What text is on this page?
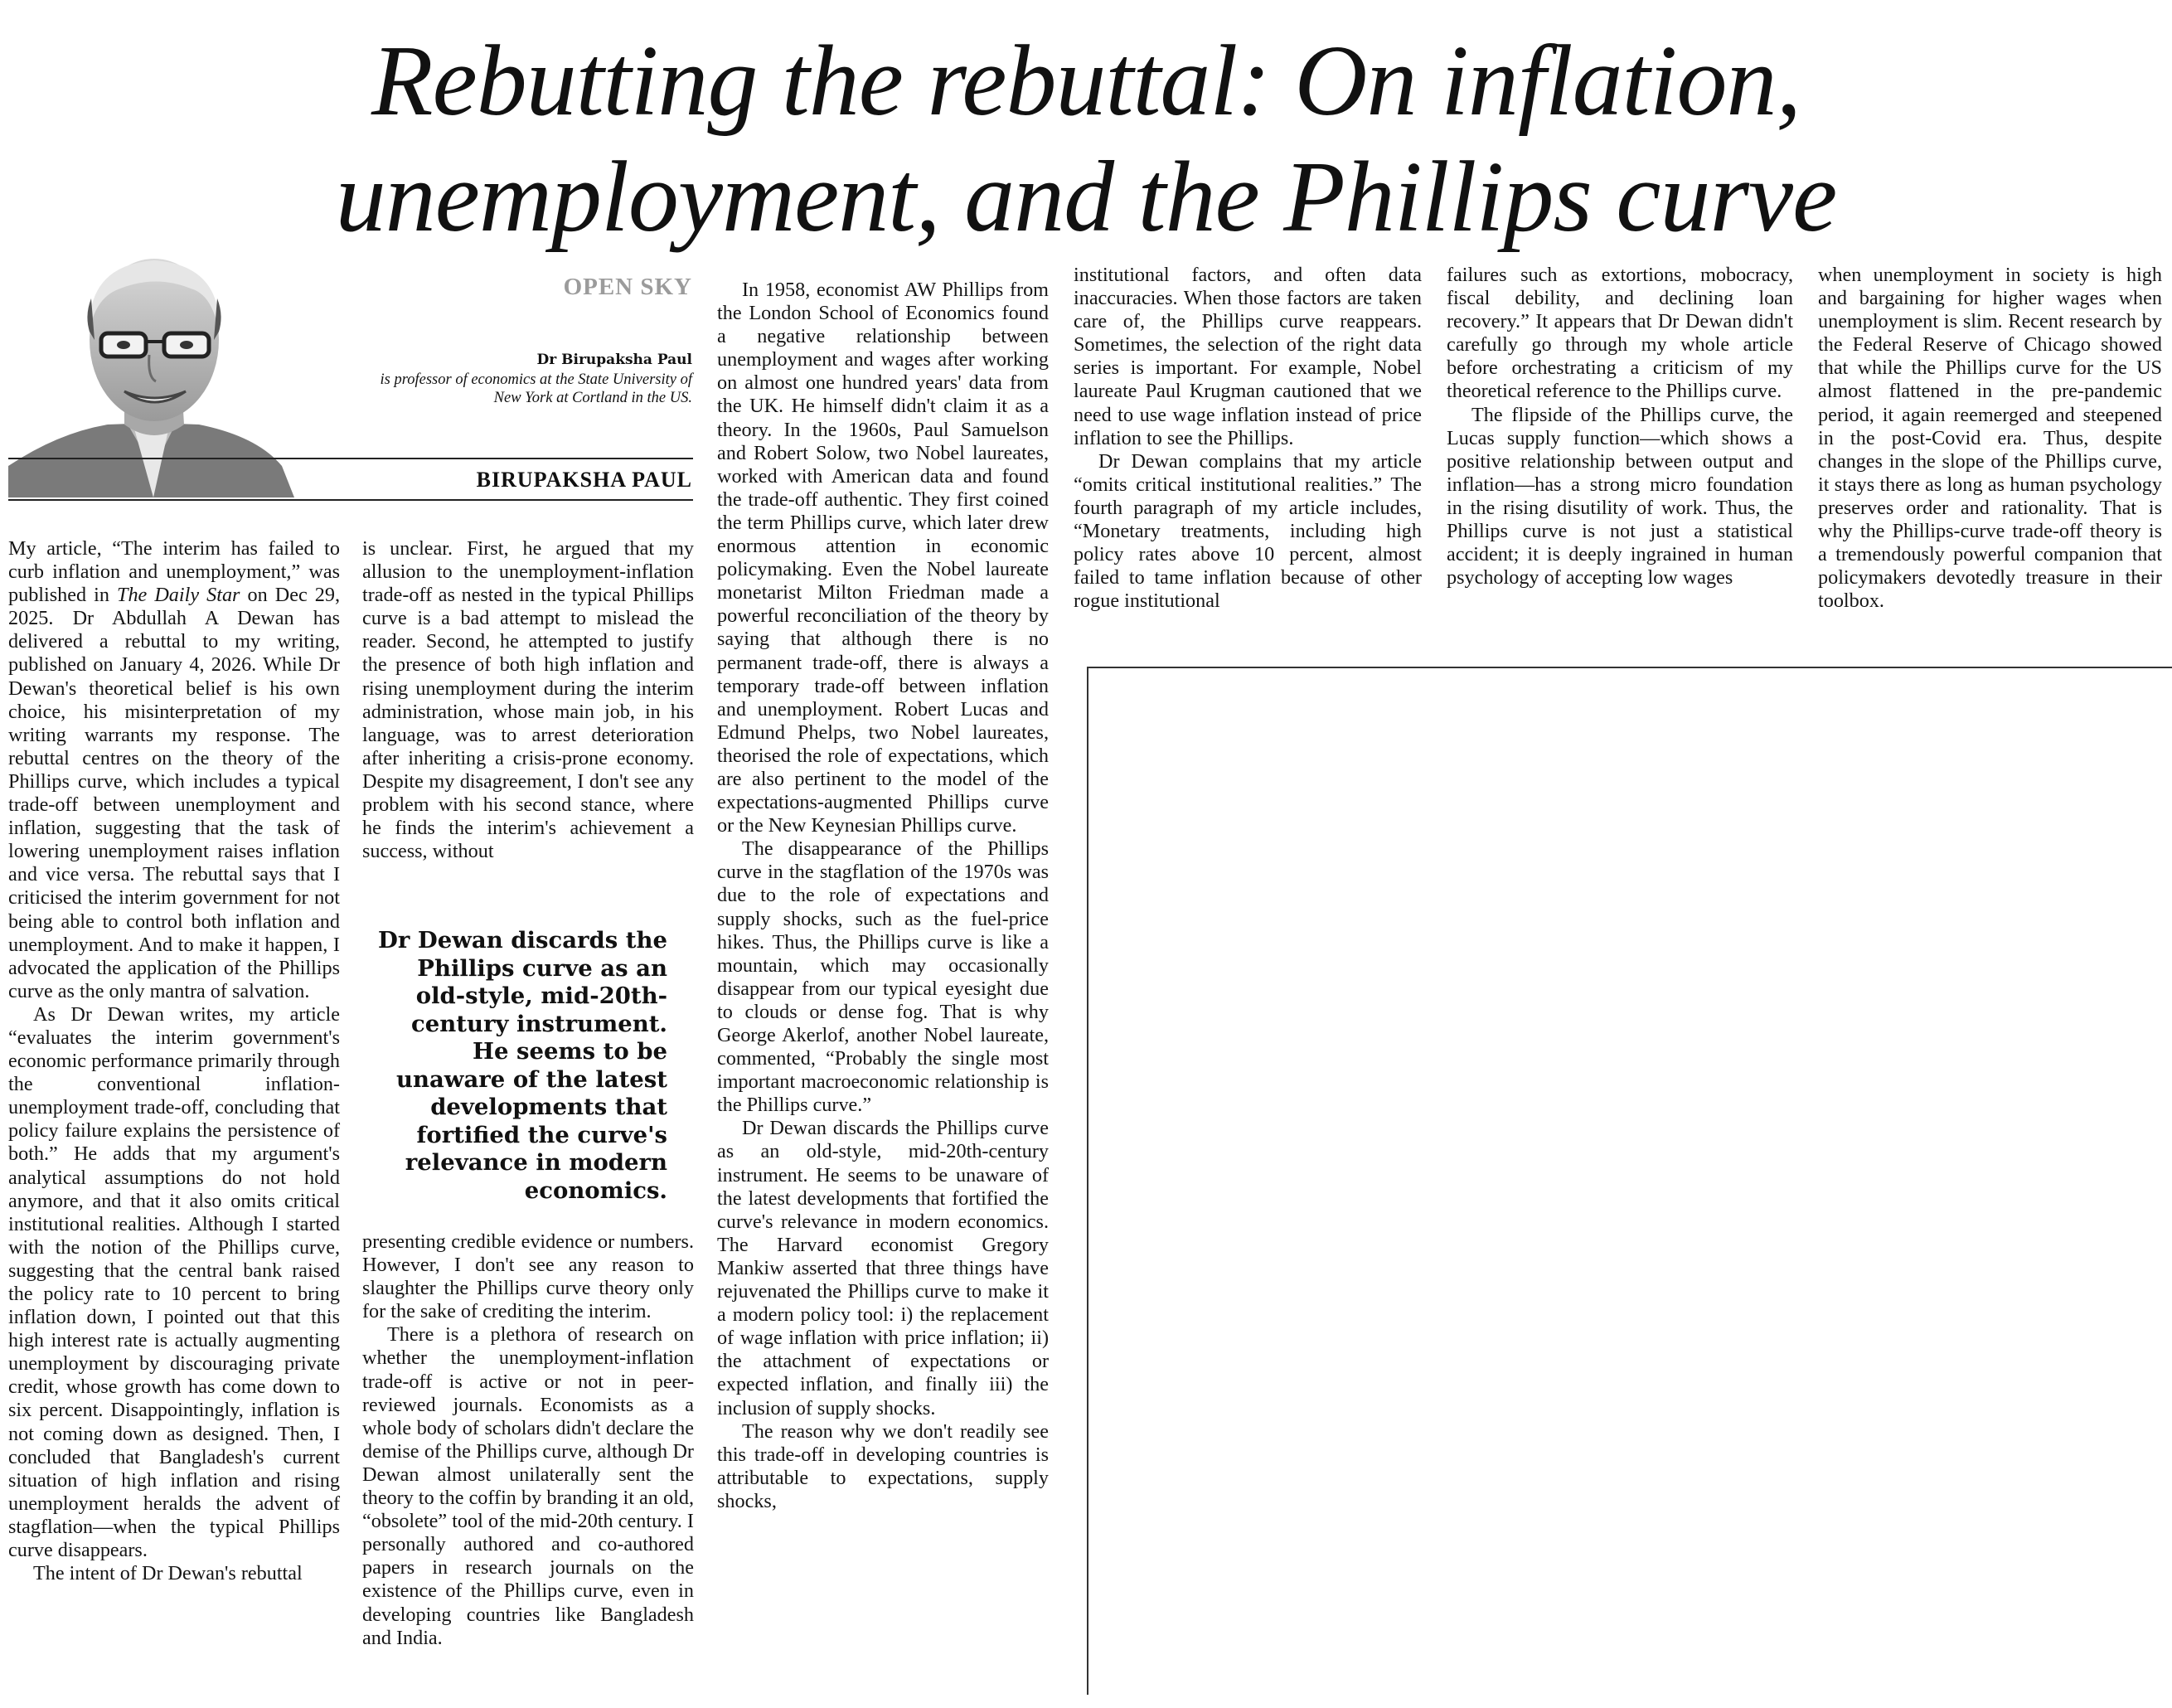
Rebutting the rebuttal: On inflation,
unemployment, and the Phillips curve
OPEN SKY
Dr Birupaksha Paul
is professor of economics at the State University of
New York at Cortland in the US.
BIRUPAKSHA PAUL

My article, “The interim has failed to curb inflation and unemployment,” was published in The Daily Star on Dec 29, 2025. Dr Abdullah A Dewan has delivered a rebuttal to my writing, published on January 4, 2026. While Dr Dewan's theoretical belief is his own choice, his misinterpretation of my writing warrants my response. The rebuttal centres on the theory of the Phillips curve, which includes a typical trade-off between unemployment and inflation, suggesting that the task of lowering unemployment raises inflation and vice versa. The rebuttal says that I criticised the interim government for not being able to control both inflation and unemployment. And to make it happen, I advocated the application of the Phillips curve as the only mantra of salvation.

As Dr Dewan writes, my article “evaluates the interim government's economic performance primarily through the conventional inflation-unemployment trade-off, concluding that policy failure explains the persistence of both.” He adds that my argument's analytical assumptions do not hold anymore, and that it also omits critical institutional realities. Although I started with the notion of the Phillips curve, suggesting that the central bank raised the policy rate to 10 percent to bring inflation down, I pointed out that this high interest rate is actually augmenting unemployment by discouraging private credit, whose growth has come down to six percent. Disappointingly, inflation is not coming down as designed. Then, I concluded that Bangladesh's current situation of high inflation and rising unemployment heralds the advent of stagflation—when the typical Phillips curve disappears.

The intent of Dr Dewan's rebuttal

is unclear. First, he argued that my allusion to the unemployment-inflation trade-off as nested in the typical Phillips curve is a bad attempt to mislead the reader. Second, he attempted to justify the presence of both high inflation and rising unemployment during the interim administration, whose main job, in his language, was to arrest deterioration after inheriting a crisis-prone economy. Despite my disagreement, I don't see any problem with his second stance, where he finds the interim's achievement a success, without

Dr Dewan discards the Phillips curve as an old-style, mid-20th-century instrument. He seems to be unaware of the latest developments that fortified the curve's relevance in modern economics.

presenting credible evidence or numbers. However, I don't see any reason to slaughter the Phillips curve theory only for the sake of crediting the interim.

There is a plethora of research on whether the unemployment-inflation trade-off is active or not in peer-reviewed journals. Economists as a whole body of scholars didn't declare the demise of the Phillips curve, although Dr Dewan almost unilaterally sent the theory to the coffin by branding it an old, “obsolete” tool of the mid-20th century. I personally authored and co-authored papers in research journals on the existence of the Phillips curve, even in developing countries like Bangladesh and India.

In 1958, economist AW Phillips from the London School of Economics found a negative relationship between unemployment and wages after working on almost one hundred years' data from the UK. He himself didn't claim it as a theory. In the 1960s, Paul Samuelson and Robert Solow, two Nobel laureates, worked with American data and found the trade-off authentic. They first coined the term Phillips curve, which later drew enormous attention in economic policymaking. Even the Nobel laureate monetarist Milton Friedman made a powerful reconciliation of the theory by saying that although there is no permanent trade-off, there is always a temporary trade-off between inflation and unemployment. Robert Lucas and Edmund Phelps, two Nobel laureates, theorised the role of expectations, which are also pertinent to the model of the expectations-augmented Phillips curve or the New Keynesian Phillips curve.

The disappearance of the Phillips curve in the stagflation of the 1970s was due to the role of expectations and supply shocks, such as the fuel-price hikes. Thus, the Phillips curve is like a mountain, which may occasionally disappear from our typical eyesight due to clouds or dense fog. That is why George Akerlof, another Nobel laureate, commented, “Probably the single most important macroeconomic relationship is the Phillips curve.”

Dr Dewan discards the Phillips curve as an old-style, mid-20th-century instrument. He seems to be unaware of the latest developments that fortified the curve's relevance in modern economics. The Harvard economist Gregory Mankiw asserted that three things have rejuvenated the Phillips curve to make it a modern policy tool: i) the replacement of wage inflation with price inflation; ii) the attachment of expectations or expected inflation, and finally iii) the inclusion of supply shocks.

The reason why we don't readily see this trade-off in developing countries is attributable to expectations, supply shocks,

institutional factors, and often data inaccuracies. When those factors are taken care of, the Phillips curve reappears. Sometimes, the selection of the right data series is important. For example, Nobel laureate Paul Krugman cautioned that we need to use wage inflation instead of price inflation to see the Phillips.

Dr Dewan complains that my article “omits critical institutional realities.” The fourth paragraph of my article includes, “Monetary treatments, including high policy rates above 10 percent, almost failed to tame inflation because of other rogue institutional

failures such as extortions, mobocracy, fiscal debility, and declining loan recovery.” It appears that Dr Dewan didn't carefully go through my whole article before orchestrating a criticism of my theoretical reference to the Phillips curve.

The flipside of the Phillips curve, the Lucas supply function—which shows a positive relationship between output and inflation—has a strong micro foundation in the rising disutility of work. Thus, the Phillips curve is not just a statistical accident; it is deeply ingrained in human psychology of accepting low wages

when unemployment in society is high and bargaining for higher wages when unemployment is slim. Recent research by the Federal Reserve of Chicago showed that while the Phillips curve for the US almost flattened in the pre-pandemic period, it again reemerged and steepened in the post-Covid era. Thus, despite changes in the slope of the Phillips curve, it stays there as long as human psychology preserves order and rationality. That is why the Phillips-curve trade-off theory is a tremendously powerful companion that policymakers devotedly treasure in their toolbox.
